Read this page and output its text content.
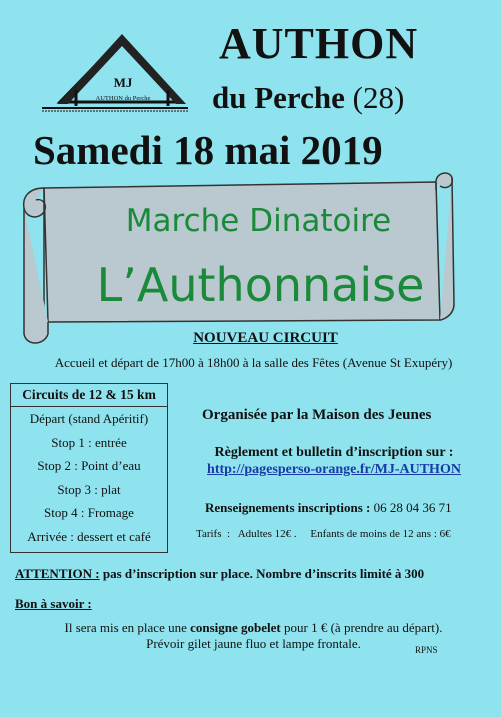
MJ
AUTHON du Perche
AUTHON
du Perche (28)
Samedi 18 mai 2019
Marche Dinatoire
L’Authonnaise
NOUVEAU CIRCUIT
Accueil et départ de 17h00 à 18h00 à la salle des Fêtes (Avenue St Exupéry)
Circuits de 12 & 15 km
Départ (stand Apéritif)
Stop 1 : entrée
Stop 2 : Point d’eau
Stop 3 : plat
Stop 4 : Fromage
Arrivée : dessert et café
Organisée par la Maison des Jeunes
Règlement et bulletin d’inscription sur :
http://pagesperso-orange.fr/MJ-AUTHON
Renseignements inscriptions : 06 28 04 36 71
Tarifs  :   Adultes 12€ .     Enfants de moins de 12 ans : 6€
ATTENTION : pas d’inscription sur place. Nombre d’inscrits limité à 300
Bon à savoir :
Il sera mis en place une consigne gobelet pour 1 € (à prendre au départ).
Prévoir gilet jaune fluo et lampe frontale.	RPNS
